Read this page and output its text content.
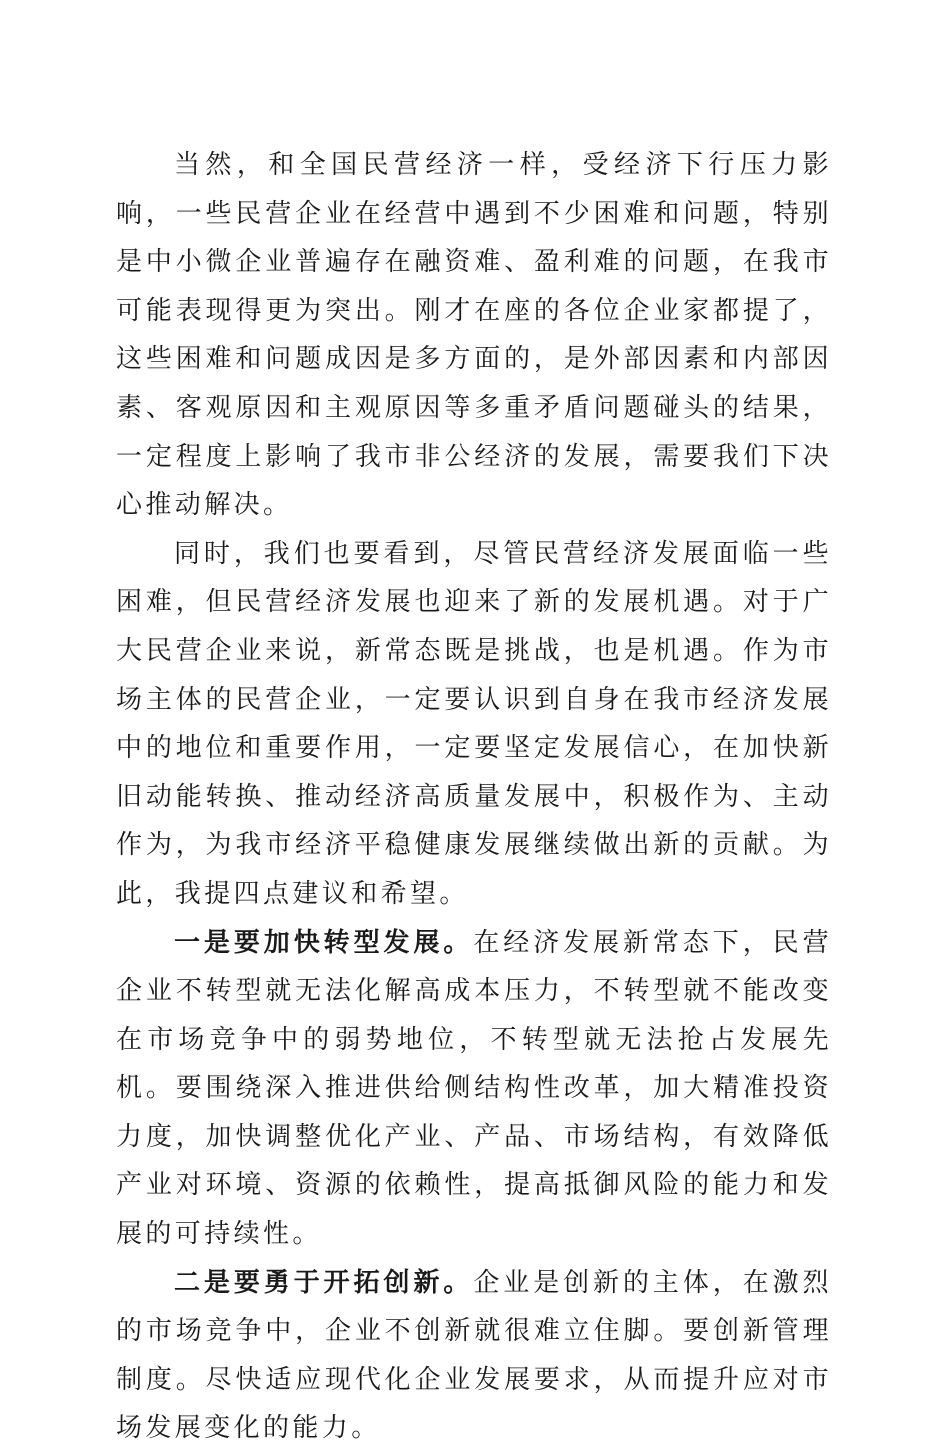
当然，和全国民营经济一样，受经济下行压力影响，一些民营企业在经营中遇到不少困难和问题，特别是中小微企业普遍存在融资难、盈利难的问题，在我市可能表现得更为突出。刚才在座的各位企业家都提了，这些困难和问题成因是多方面的，是外部因素和内部因素、客观原因和主观原因等多重矛盾问题碰头的结果，一定程度上影响了我市非公经济的发展，需要我们下决心推动解决。

同时，我们也要看到，尽管民营经济发展面临一些困难，但民营经济发展也迎来了新的发展机遇。对于广大民营企业来说，新常态既是挑战，也是机遇。作为市场主体的民营企业，一定要认识到自身在我市经济发展中的地位和重要作用，一定要坚定发展信心，在加快新旧动能转换、推动经济高质量发展中，积极作为、主动作为，为我市经济平稳健康发展继续做出新的贡献。为此，我提四点建议和希望。

一是要加快转型发展。在经济发展新常态下，民营企业不转型就无法化解高成本压力，不转型就不能改变在市场竞争中的弱势地位，不转型就无法抢占发展先机。要围绕深入推进供给侧结构性改革，加大精准投资力度，加快调整优化产业、产品、市场结构，有效降低产业对环境、资源的依赖性，提高抵御风险的能力和发展的可持续性。

二是要勇于开拓创新。企业是创新的主体，在激烈的市场竞争中，企业不创新就很难立住脚。要创新管理制度。尽快适应现代化企业发展要求，从而提升应对市场发展变化的能力。
